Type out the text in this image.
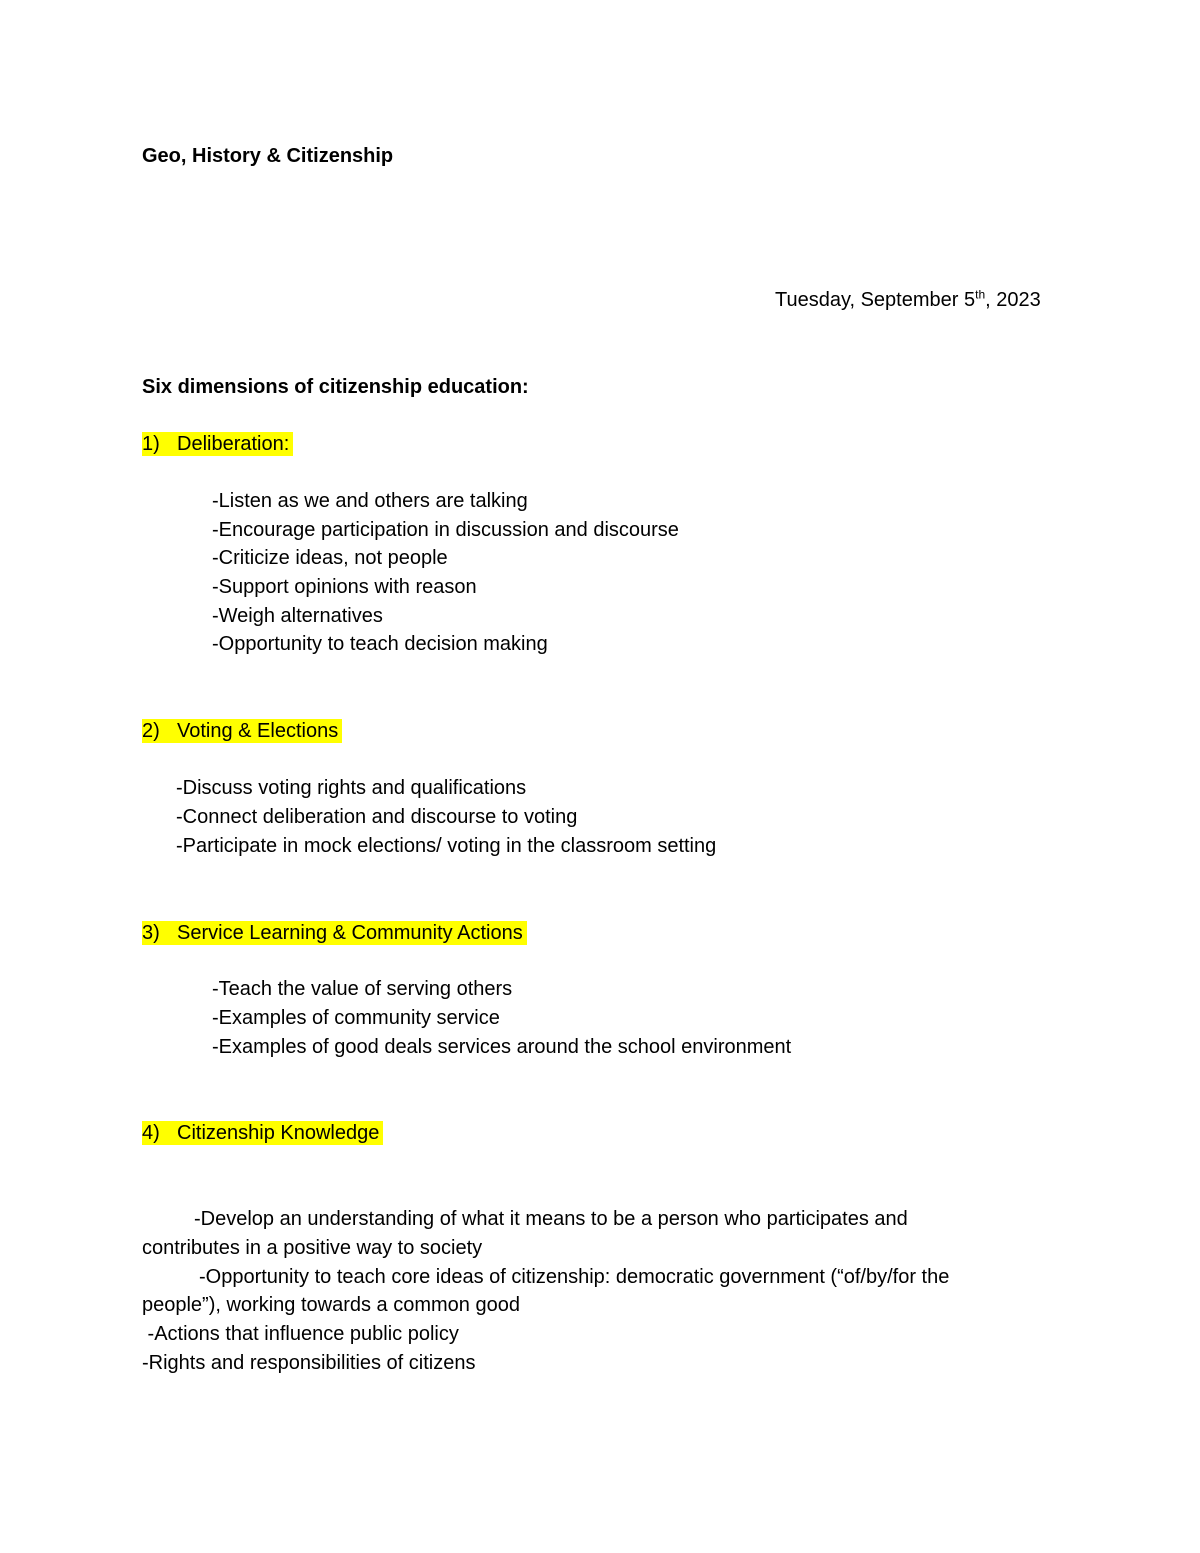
Geo, History & Citizenship
Tuesday, September 5th, 2023
Six dimensions of citizenship education:
1) Deliberation:
-Listen as we and others are talking
-Encourage participation in discussion and discourse
-Criticize ideas, not people
-Support opinions with reason
-Weigh alternatives
-Opportunity to teach decision making
2) Voting & Elections
-Discuss voting rights and qualifications
-Connect deliberation and discourse to voting
-Participate in mock elections/ voting in the classroom setting
3) Service Learning & Community Actions
-Teach the value of serving others
-Examples of community service
-Examples of good deals services around the school environment
4) Citizenship Knowledge
-Develop an understanding of what it means to be a person who participates and
contributes in a positive way to society
-Opportunity to teach core ideas of citizenship: democratic government (“of/by/for the
people”), working towards a common good
-Actions that influence public policy
-Rights and responsibilities of citizens
